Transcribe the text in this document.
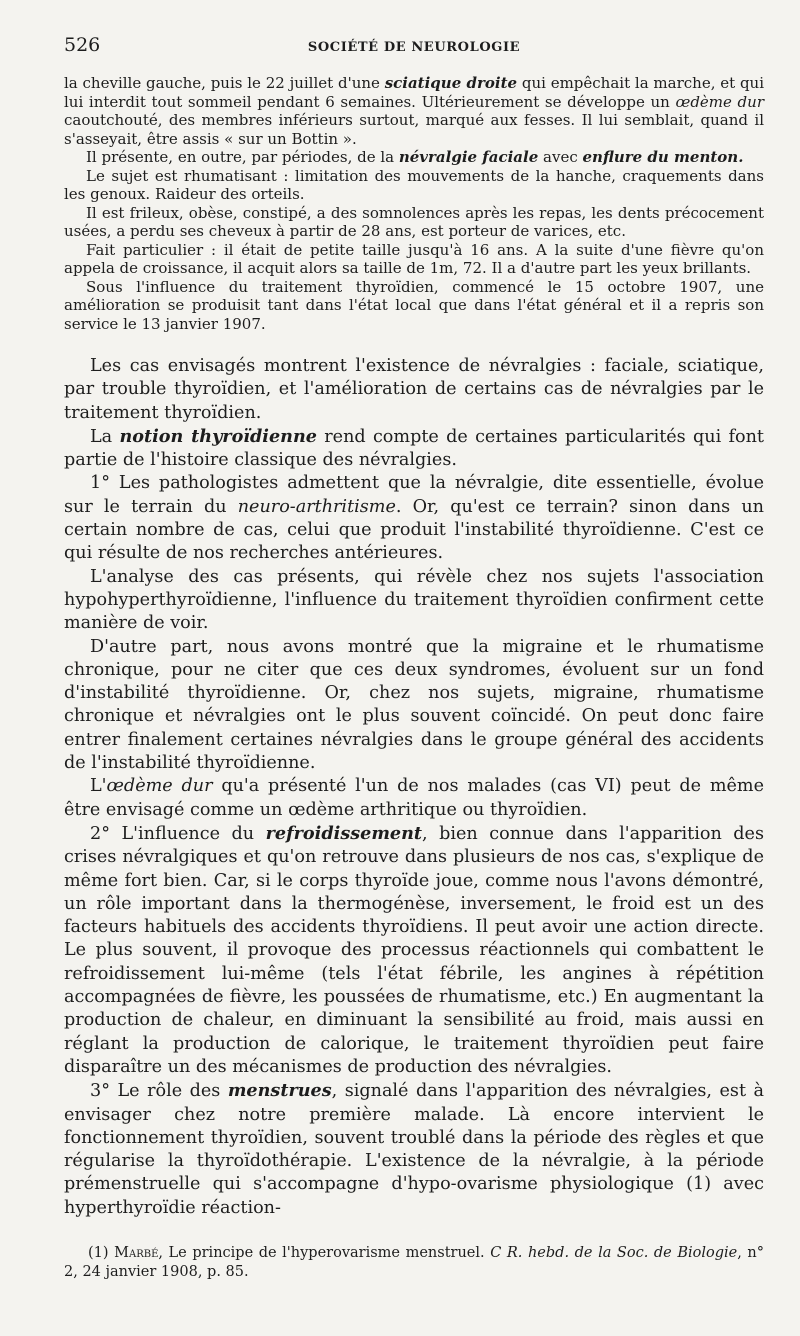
526	SOCIÉTÉ DE NEUROLOGIE

la cheville gauche, puis le 22 juillet d'une sciatique droite qui empêchait la marche, et qui lui interdit tout sommeil pendant 6 semaines. Ultérieurement se développe un œdème dur caoutchouté, des membres inférieurs surtout, marqué aux fesses. Il lui semblait, quand il s'asseyait, être assis « sur un Bottin ».

Il présente, en outre, par périodes, de la névralgie faciale avec enflure du menton.

Le sujet est rhumatisant : limitation des mouvements de la hanche, craquements dans les genoux. Raideur des orteils.

Il est frileux, obèse, constipé, a des somnolences après les repas, les dents précocement usées, a perdu ses cheveux à partir de 28 ans, est porteur de varices, etc.

Fait particulier : il était de petite taille jusqu'à 16 ans. A la suite d'une fièvre qu'on appela de croissance, il acquit alors sa taille de 1m, 72. Il a d'autre part les yeux brillants.

Sous l'influence du traitement thyroïdien, commencé le 15 octobre 1907, une amélioration se produisit tant dans l'état local que dans l'état général et il a repris son service le 13 janvier 1907.

Les cas envisagés montrent l'existence de névralgies : faciale, sciatique, par trouble thyroïdien, et l'amélioration de certains cas de névralgies par le traitement thyroïdien.

La notion thyroïdienne rend compte de certaines particularités qui font partie de l'histoire classique des névralgies.

1° Les pathologistes admettent que la névralgie, dite essentielle, évolue sur le terrain du neuro-arthritisme. Or, qu'est ce terrain? sinon dans un certain nombre de cas, celui que produit l'instabilité thyroïdienne. C'est ce qui résulte de nos recherches antérieures.

L'analyse des cas présents, qui révèle chez nos sujets l'association hypohyperthyroïdienne, l'influence du traitement thyroïdien confirment cette manière de voir.

D'autre part, nous avons montré que la migraine et le rhumatisme chronique, pour ne citer que ces deux syndromes, évoluent sur un fond d'instabilité thyroïdienne. Or, chez nos sujets, migraine, rhumatisme chronique et névralgies ont le plus souvent coïncidé. On peut donc faire entrer finalement certaines névralgies dans le groupe général des accidents de l'instabilité thyroïdienne.

L'œdème dur qu'a présenté l'un de nos malades (cas VI) peut de même être envisagé comme un œdème arthritique ou thyroïdien.

2° L'influence du refroidissement, bien connue dans l'apparition des crises névralgiques et qu'on retrouve dans plusieurs de nos cas, s'explique de même fort bien. Car, si le corps thyroïde joue, comme nous l'avons démontré, un rôle important dans la thermogénèse, inversement, le froid est un des facteurs habituels des accidents thyroïdiens. Il peut avoir une action directe. Le plus souvent, il provoque des processus réactionnels qui combattent le refroidissement lui-même (tels l'état fébrile, les angines à répétition accompagnées de fièvre, les poussées de rhumatisme, etc.) En augmentant la production de chaleur, en diminuant la sensibilité au froid, mais aussi en réglant la production de calorique, le traitement thyroïdien peut faire disparaître un des mécanismes de production des névralgies.

3° Le rôle des menstrues, signalé dans l'apparition des névralgies, est à envisager chez notre première malade. Là encore intervient le fonctionnement thyroïdien, souvent troublé dans la période des règles et que régularise la thyroïdothérapie. L'existence de la névralgie, à la période prémenstruelle qui s'accompagne d'hypo-ovarisme physiologique (1) avec hyperthyroïdie réaction-

(1) Marbé, Le principe de l'hyperovarisme menstruel. C R. hebd. de la Soc. de Biologie, n° 2, 24 janvier 1908, p. 85.
